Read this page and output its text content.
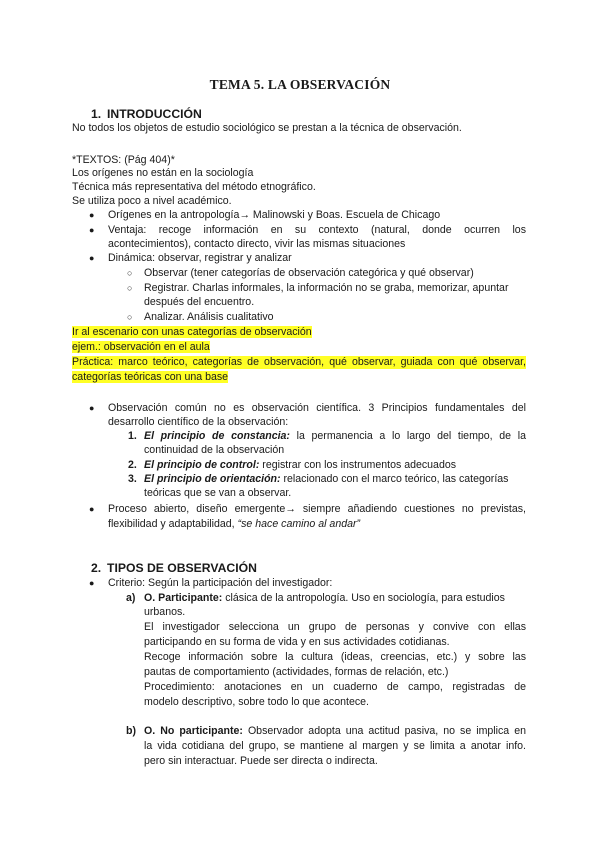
TEMA 5. LA OBSERVACIÓN
1. INTRODUCCIÓN
No todos los objetos de estudio sociológico se prestan a la técnica de observación.
*TEXTOS: (Pág 404)*
Los orígenes no están en la sociología
Técnica más representativa del método etnográfico.
Se utiliza poco a nivel académico.
● Orígenes en la antropología→ Malinowski y Boas. Escuela de Chicago
● Ventaja: recoge información en su contexto (natural, donde ocurren los
acontecimientos), contacto directo, vivir las mismas situaciones
● Dinámica: observar, registrar y analizar
○ Observar (tener categorías de observación categórica y qué observar)
○ Registrar. Charlas informales, la información no se graba, memorizar, apuntar
después del encuentro.
○ Analizar. Análisis cualitativo
Ir al escenario con unas categorías de observación
ejem.: observación en el aula
Práctica: marco teórico, categorías de observación, qué observar, guiada con qué observar,
categorías teóricas con una base
● Observación común no es observación científica. 3 Principios fundamentales del
desarrollo científico de la observación:
1. El principio de constancia: la permanencia a lo largo del tiempo, de la
continuidad de la observación
2. El principio de control: registrar con los instrumentos adecuados
3. El principio de orientación: relacionado con el marco teórico, las categorías
teóricas que se van a observar.
● Proceso abierto, diseño emergente→ siempre añadiendo cuestiones no previstas,
flexibilidad y adaptabilidad, “se hace camino al andar”
2. TIPOS DE OBSERVACIÓN
● Criterio: Según la participación del investigador:
a) O. Participante: clásica de la antropología. Uso en sociología, para estudios
urbanos.
El investigador selecciona un grupo de personas y convive con ellas
participando en su forma de vida y en sus actividades cotidianas.
Recoge información sobre la cultura (ideas, creencias, etc.) y sobre las
pautas de comportamiento (actividades, formas de relación, etc.)
Procedimiento: anotaciones en un cuaderno de campo, registradas de
modelo descriptivo, sobre todo lo que acontece.
b) O. No participante: Observador adopta una actitud pasiva, no se implica en
la vida cotidiana del grupo, se mantiene al margen y se limita a anotar info.
pero sin interactuar. Puede ser directa o indirecta.
